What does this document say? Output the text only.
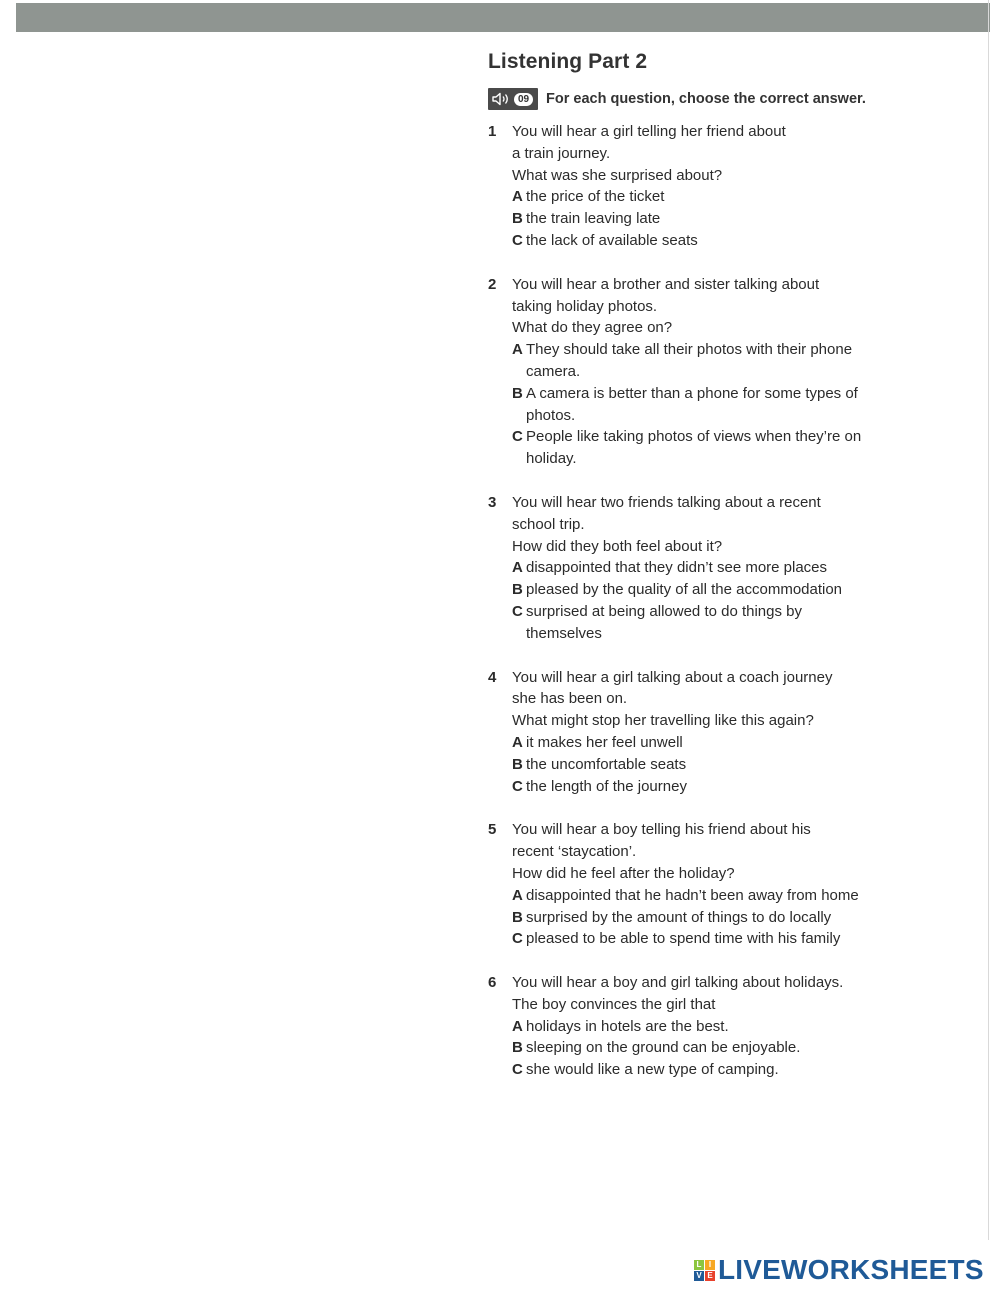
Listening Part 2
09 For each question, choose the correct answer.
1	You will hear a girl telling her friend about

a train journey.

What was she surprised about?

A the price of the ticket
B the train leaving late
C the lack of available seats
2	You will hear a brother and sister talking about

taking holiday photos.

What do they agree on?

A They should take all their photos with their phone camera.
B A camera is better than a phone for some types of photos.
C People like taking photos of views when they’re on holiday.
3	You will hear two friends talking about a recent

school trip.

How did they both feel about it?

A disappointed that they didn’t see more places
B pleased by the quality of all the accommodation
C surprised at being allowed to do things by themselves
4	You will hear a girl talking about a coach journey

she has been on.

What might stop her travelling like this again?

A it makes her feel unwell
B the uncomfortable seats
C the length of the journey
5	You will hear a boy telling his friend about his

recent ‘staycation’.

How did he feel after the holiday?

A disappointed that he hadn’t been away from home
B surprised by the amount of things to do locally
C pleased to be able to spend time with his family
6	You will hear a boy and girl talking about holidays.

The boy convinces the girl that

A holidays in hotels are the best.
B sleeping on the ground can be enjoyable.
C she would like a new type of camping.
L I
V E LIVEWORKSHEETS
